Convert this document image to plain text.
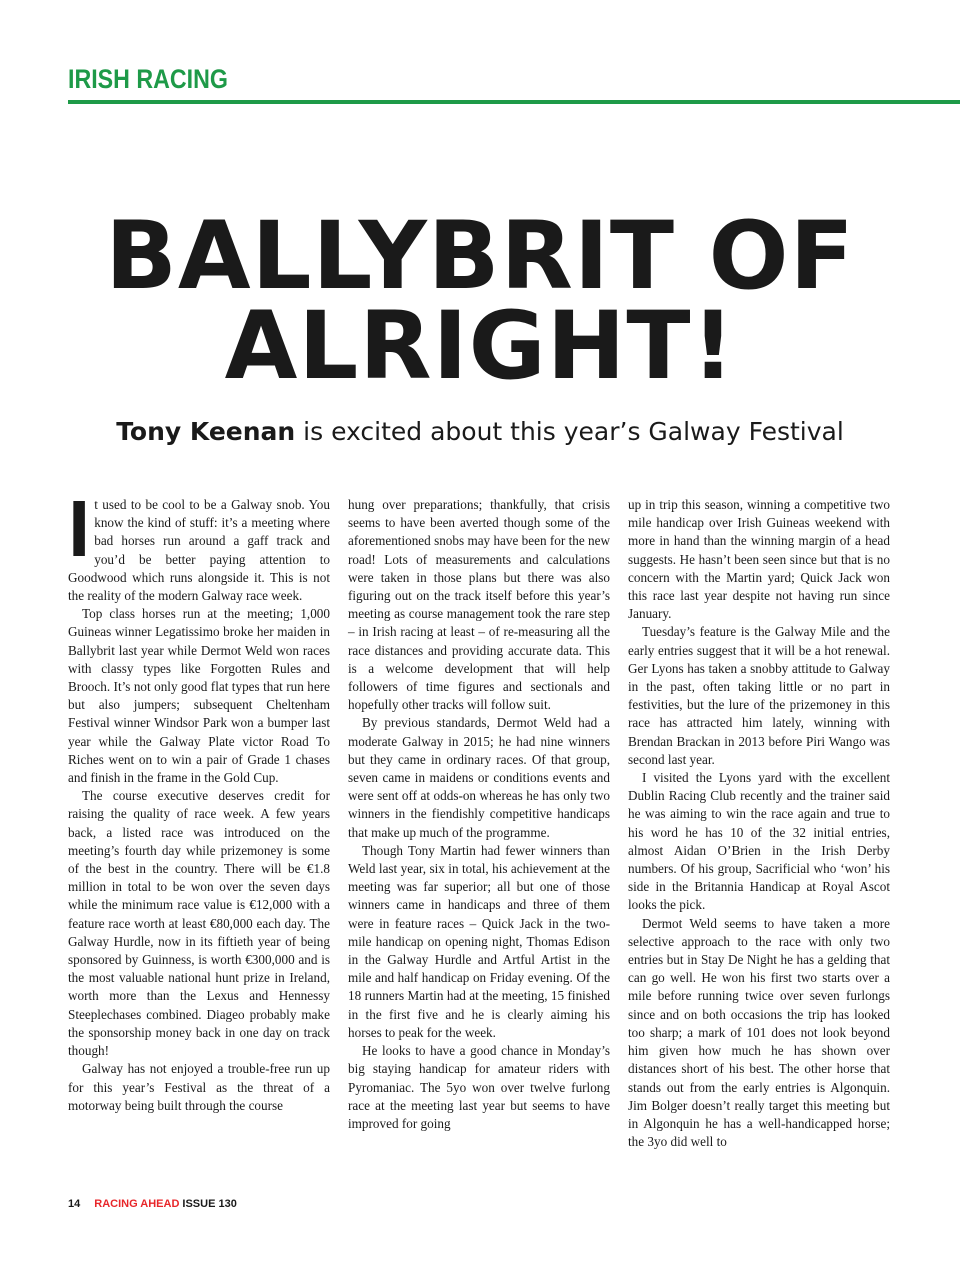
IRISH RACING
BALLYBRIT OF
ALRIGHT!
Tony Keenan is excited about this year’s Galway Festival

It used to be cool to be a Galway snob. You know the kind of stuff: it’s a meeting where bad horses run around a gaff track and you’d be better paying attention to Goodwood which runs alongside it. This is not the reality of the modern Galway race week.

Top class horses run at the meeting; 1,000 Guineas winner Legatissimo broke her maiden in Ballybrit last year while Dermot Weld won races with classy types like Forgotten Rules and Brooch. It’s not only good flat types that run here but also jumpers; subsequent Cheltenham Festival winner Windsor Park won a bumper last year while the Galway Plate victor Road To Riches went on to win a pair of Grade 1 chases and finish in the frame in the Gold Cup.

The course executive deserves credit for raising the quality of race week. A few years back, a listed race was introduced on the meeting’s fourth day while prizemoney is some of the best in the country. There will be €1.8 million in total to be won over the seven days while the minimum race value is €12,000 with a feature race worth at least €80,000 each day. The Galway Hurdle, now in its fiftieth year of being sponsored by Guinness, is worth €300,000 and is the most valuable national hunt prize in Ireland, worth more than the Lexus and Hennessy Steeplechases combined. Diageo probably make the sponsorship money back in one day on track though!

Galway has not enjoyed a trouble-free run up for this year’s Festival as the threat of a motorway being built through the course

hung over preparations; thankfully, that crisis seems to have been averted though some of the aforementioned snobs may have been for the new road! Lots of measurements and calculations were taken in those plans but there was also figuring out on the track itself before this year’s meeting as course management took the rare step – in Irish racing at least – of re-measuring all the race distances and providing accurate data. This is a welcome development that will help followers of time figures and sectionals and hopefully other tracks will follow suit.

By previous standards, Dermot Weld had a moderate Galway in 2015; he had nine winners but they came in ordinary races. Of that group, seven came in maidens or conditions events and were sent off at odds-on whereas he has only two winners in the fiendishly competitive handicaps that make up much of the programme.

Though Tony Martin had fewer winners than Weld last year, six in total, his achievement at the meeting was far superior; all but one of those winners came in handicaps and three of them were in feature races – Quick Jack in the two-mile handicap on opening night, Thomas Edison in the Galway Hurdle and Artful Artist in the mile and half handicap on Friday evening. Of the 18 runners Martin had at the meeting, 15 finished in the first five and he is clearly aiming his horses to peak for the week.

He looks to have a good chance in Monday’s big staying handicap for amateur riders with Pyromaniac. The 5yo won over twelve furlong race at the meeting last year but seems to have improved for going

up in trip this season, winning a competitive two mile handicap over Irish Guineas weekend with more in hand than the winning margin of a head suggests. He hasn’t been seen since but that is no concern with the Martin yard; Quick Jack won this race last year despite not having run since January.

Tuesday’s feature is the Galway Mile and the early entries suggest that it will be a hot renewal. Ger Lyons has taken a snobby attitude to Galway in the past, often taking little or no part in festivities, but the lure of the prizemoney in this race has attracted him lately, winning with Brendan Brackan in 2013 before Piri Wango was second last year.

I visited the Lyons yard with the excellent Dublin Racing Club recently and the trainer said he was aiming to win the race again and true to his word he has 10 of the 32 initial entries, almost Aidan O’Brien in the Irish Derby numbers. Of his group, Sacrificial who ‘won’ his side in the Britannia Handicap at Royal Ascot looks the pick.

Dermot Weld seems to have taken a more selective approach to the race with only two entries but in Stay De Night he has a gelding that can go well. He won his first two starts over a mile before running twice over seven furlongs since and on both occasions the trip has looked too sharp; a mark of 101 does not look beyond him given how much he has shown over distances short of his best. The other horse that stands out from the early entries is Algonquin. Jim Bolger doesn’t really target this meeting but in Algonquin he has a well-handicapped horse; the 3yo did well to

14 RACING AHEAD ISSUE 130
